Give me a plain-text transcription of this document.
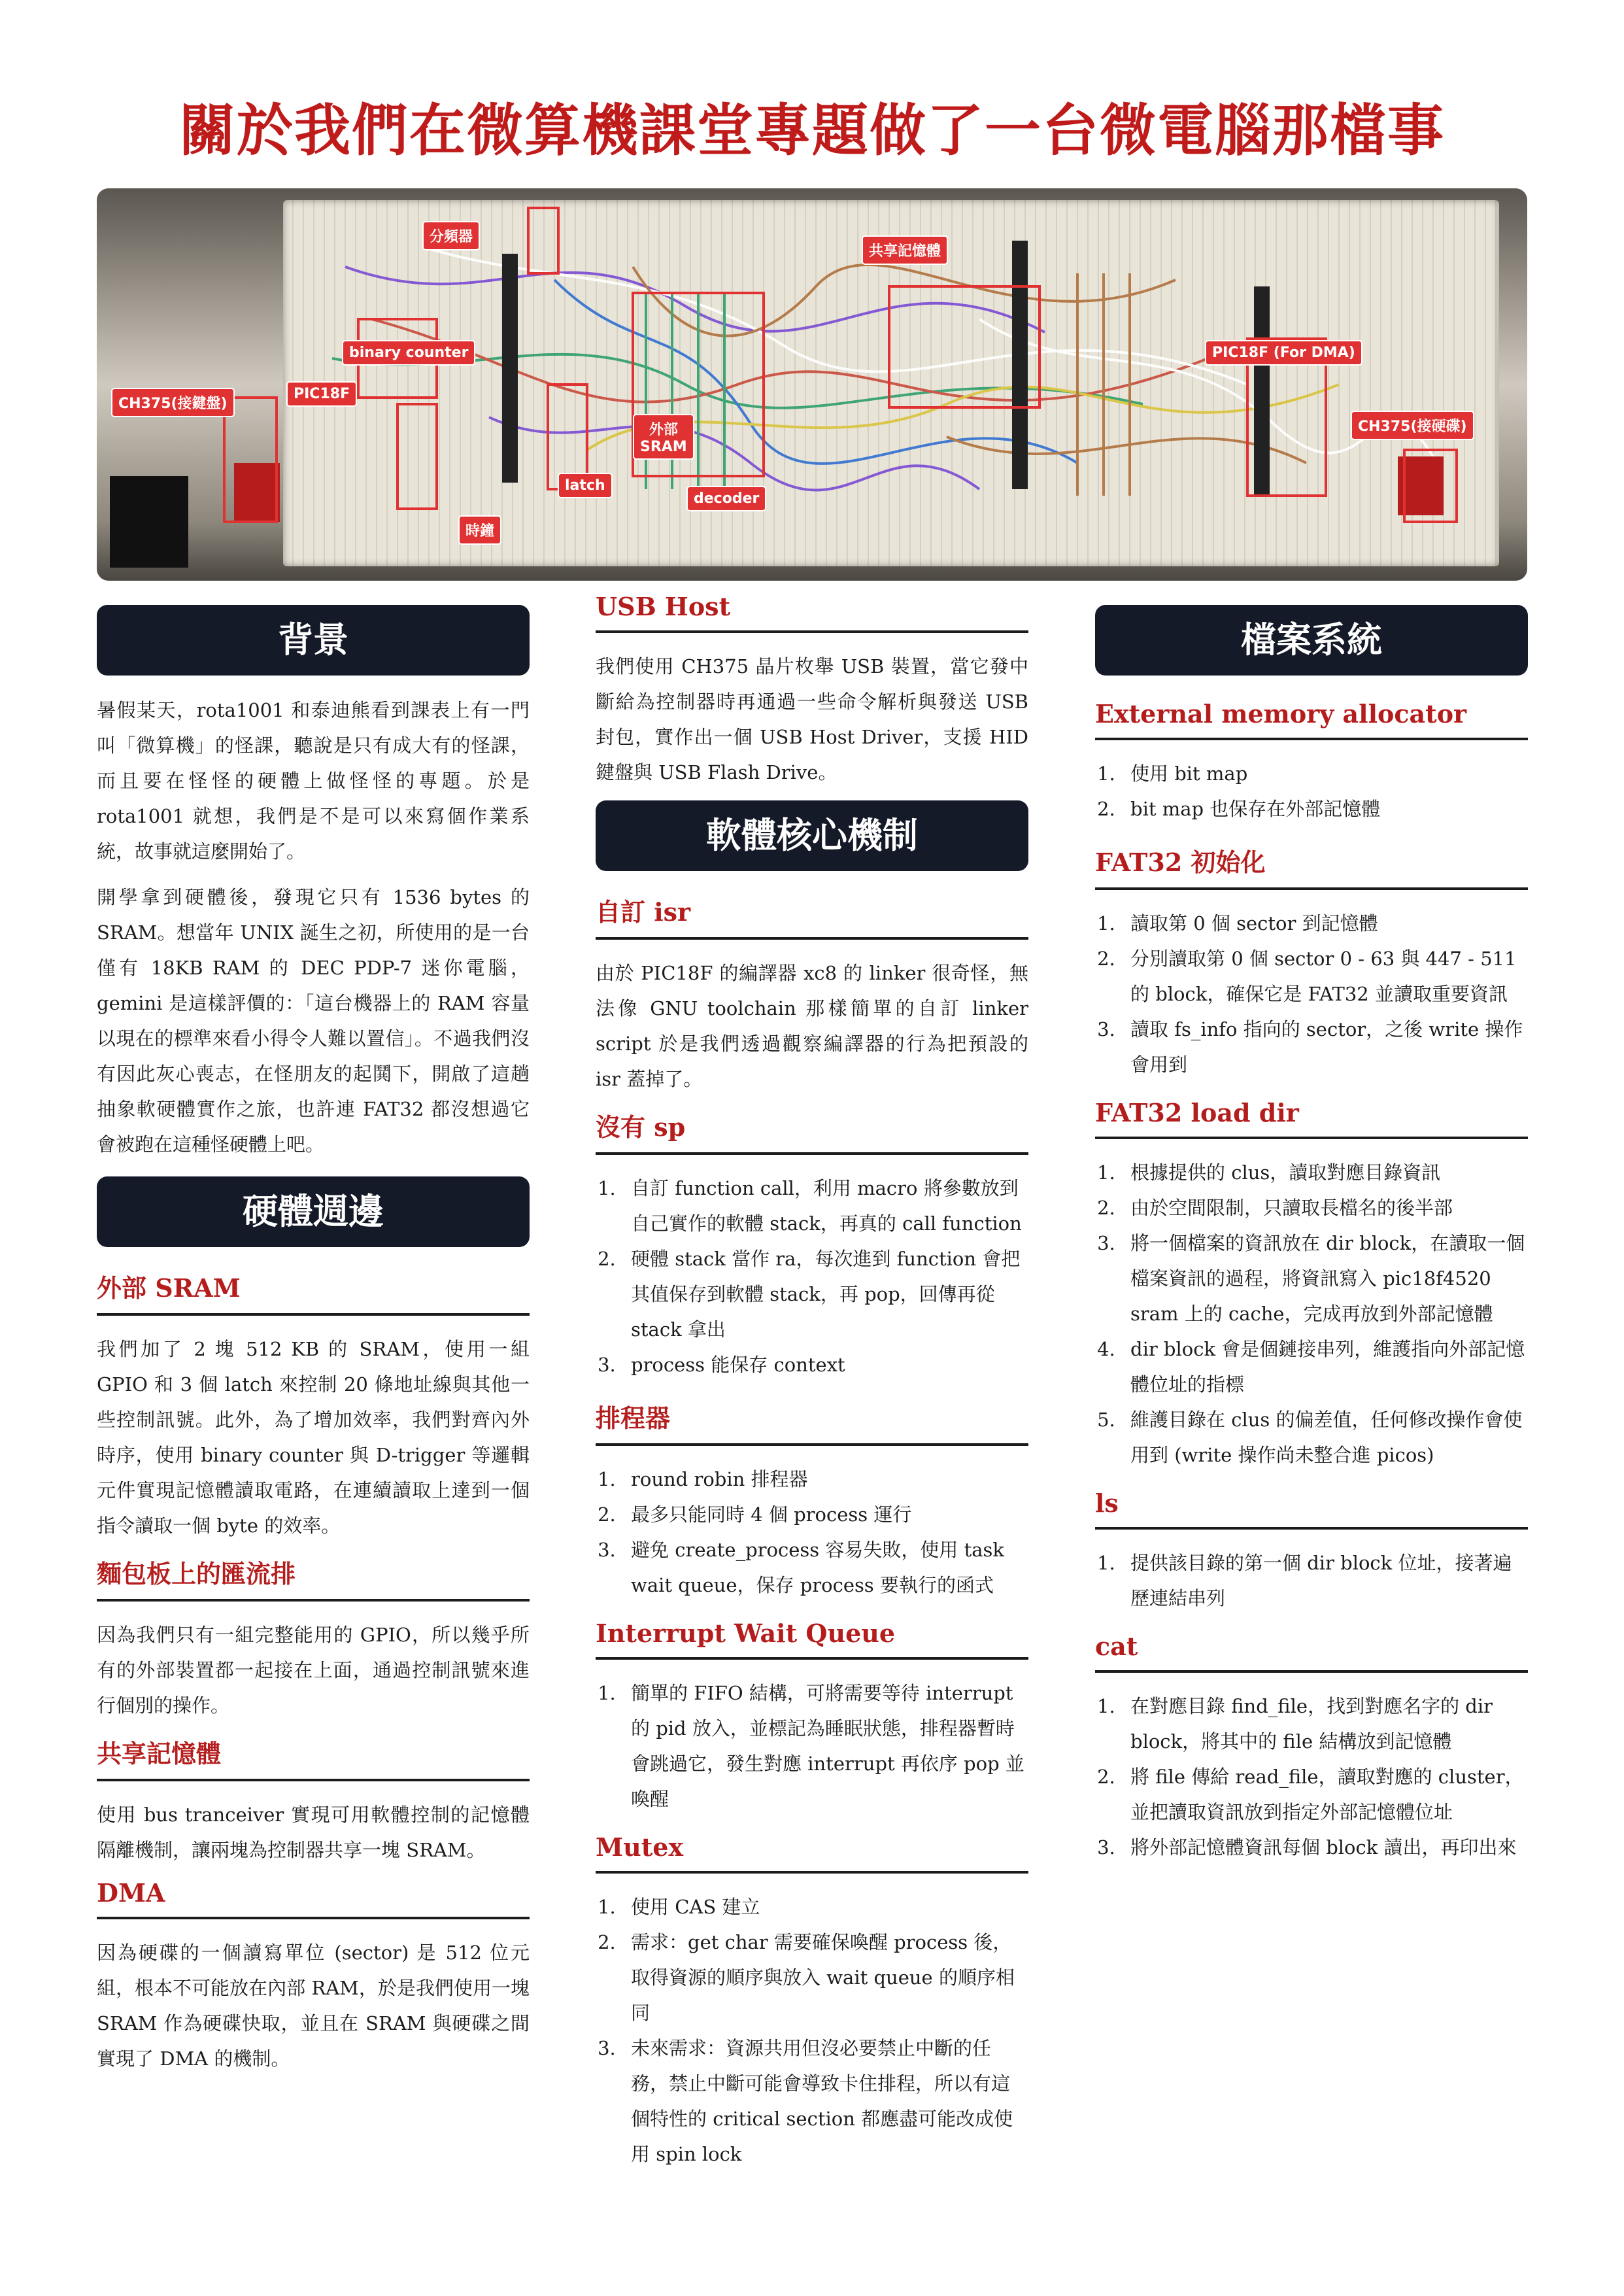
關於我們在微算機課堂專題做了一台微電腦那檔事
分頻器
共享記憶體
binary counter	PIC18F (For DMA)
CH375(接鍵盤)
PIC18F
外部
SRAM
CH375(接硬碟)
latch
decoder
時鐘
背景

暑假某天，rota1001 和泰迪熊看到課表上有一門叫「微算機」的怪課，聽說是只有成大有的怪課，而且要在怪怪的硬體上做怪怪的專題。於是 rota1001 就想，我們是不是可以來寫個作業系統，故事就這麼開始了。

開學拿到硬體後，發現它只有 1536 bytes 的 SRAM。想當年 UNIX 誕生之初，所使用的是一台僅有 18KB RAM 的 DEC PDP-7 迷你電腦，gemini 是這樣評價的：「這台機器上的 RAM 容量以現在的標準來看小得令人難以置信」。不過我們沒有因此灰心喪志，在怪朋友的起鬨下，開啟了這趟抽象軟硬體實作之旅，也許連 FAT32 都沒想過它會被跑在這種怪硬體上吧。

硬體週邊
外部 SRAM

我們加了 2 塊 512 KB 的 SRAM，使用一組 GPIO 和 3 個 latch 來控制 20 條地址線與其他一些控制訊號。此外，為了增加效率，我們對齊內外時序，使用 binary counter 與 D-trigger 等邏輯元件實現記憶體讀取電路，在連續讀取上達到一個指令讀取一個 byte 的效率。

麵包板上的匯流排

因為我們只有一組完整能用的 GPIO，所以幾乎所有的外部裝置都一起接在上面，通過控制訊號來進行個別的操作。

共享記憶體

使用 bus tranceiver 實現可用軟體控制的記憶體隔離機制，讓兩塊為控制器共享一塊 SRAM。

DMA

因為硬碟的一個讀寫單位 (sector) 是 512 位元組，根本不可能放在內部 RAM，於是我們使用一塊 SRAM 作為硬碟快取，並且在 SRAM 與硬碟之間實現了 DMA 的機制。

USB Host

我們使用 CH375 晶片枚舉 USB 裝置，當它發中斷給為控制器時再通過一些命令解析與發送 USB 封包，實作出一個 USB Host Driver，支援 HID 鍵盤與 USB Flash Drive。

軟體核心機制
自訂 isr

由於 PIC18F 的編譯器 xc8 的 linker 很奇怪，無法像 GNU toolchain 那樣簡單的自訂 linker script 於是我們透過觀察編譯器的行為把預設的 isr 蓋掉了。

沒有 sp
1. 自訂 function call，利用 macro 將參數放到自己實作的軟體 stack，再真的 call function
2. 硬體 stack 當作 ra，每次進到 function 會把其值保存到軟體 stack，再 pop，回傳再從 stack 拿出
3. process 能保存 context
排程器
1. round robin 排程器
2. 最多只能同時 4 個 process 運行
3. 避免 create_process 容易失敗，使用 task wait queue，保存 process 要執行的函式
Interrupt Wait Queue
1. 簡單的 FIFO 結構，可將需要等待 interrupt 的 pid 放入，並標記為睡眠狀態，排程器暫時會跳過它，發生對應 interrupt 再依序 pop 並喚醒
Mutex
1. 使用 CAS 建立
2. 需求：get char 需要確保喚醒 process 後，取得資源的順序與放入 wait queue 的順序相同
3. 未來需求：資源共用但沒必要禁止中斷的任務，禁止中斷可能會導致卡住排程，所以有這個特性的 critical section 都應盡可能改成使用 spin lock
檔案系統
External memory allocator
1. 使用 bit map
2. bit map 也保存在外部記憶體
FAT32 初始化
1. 讀取第 0 個 sector 到記憶體
2. 分別讀取第 0 個 sector 0 - 63 與 447 - 511 的 block，確保它是 FAT32 並讀取重要資訊
3. 讀取 fs_info 指向的 sector，之後 write 操作會用到
FAT32 load dir
1. 根據提供的 clus，讀取對應目錄資訊
2. 由於空間限制，只讀取長檔名的後半部
3. 將一個檔案的資訊放在 dir block，在讀取一個檔案資訊的過程，將資訊寫入 pic18f4520 sram 上的 cache，完成再放到外部記憶體
4. dir block 會是個鏈接串列，維護指向外部記憶體位址的指標
5. 維護目錄在 clus 的偏差值，任何修改操作會使用到 (write 操作尚未整合進 picos)
ls
1. 提供該目錄的第一個 dir block 位址，接著遍歷連結串列
cat
1. 在對應目錄 find_file，找到對應名字的 dir block，將其中的 file 結構放到記憶體
2. 將 file 傳給 read_file，讀取對應的 cluster，並把讀取資訊放到指定外部記憶體位址
3. 將外部記憶體資訊每個 block 讀出，再印出來
